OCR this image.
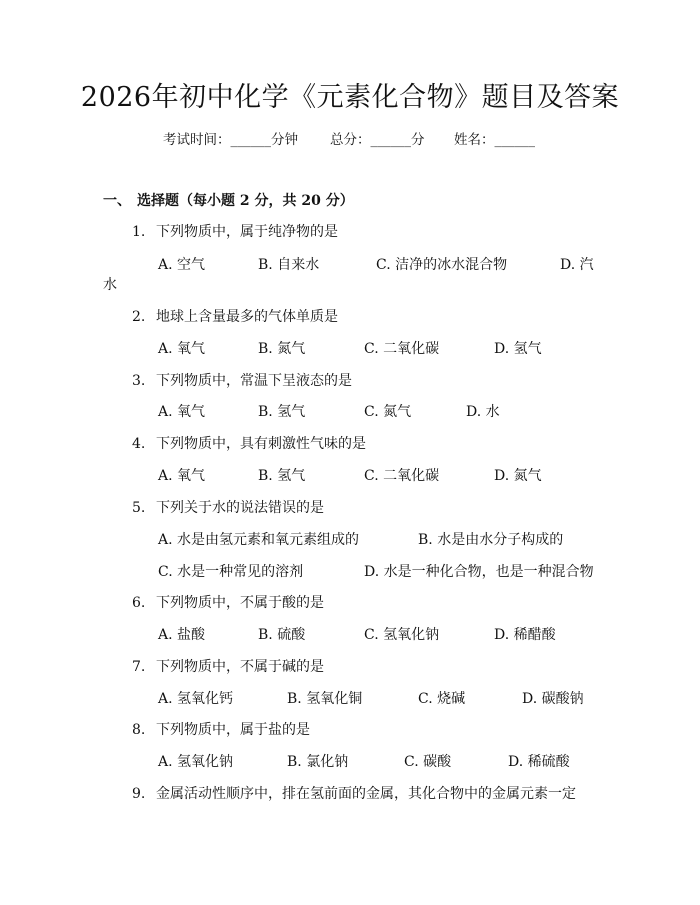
2026年初中化学《元素化合物》题目及答案
考试时间：______分钟 总分：______分 姓名：______
一、 选择题（每小题 2 分，共 20 分）
1. 下列物质中，属于纯净物的是
A. 空气	B. 自来水	C. 洁净的冰水混合物	D. 汽
水
2. 地球上含量最多的气体单质是
A. 氧气	B. 氮气	C. 二氧化碳	D. 氢气
3. 下列物质中，常温下呈液态的是
A. 氧气	B. 氢气	C. 氮气	D. 水
4. 下列物质中，具有刺激性气味的是
A. 氧气	B. 氢气	C. 二氧化碳	D. 氮气
5. 下列关于水的说法错误的是
A. 水是由氢元素和氧元素组成的	B. 水是由水分子构成的
C. 水是一种常见的溶剂	D. 水是一种化合物，也是一种混合物
6. 下列物质中，不属于酸的是
A. 盐酸	B. 硫酸	C. 氢氧化钠	D. 稀醋酸
7. 下列物质中，不属于碱的是
A. 氢氧化钙	B. 氢氧化铜	C. 烧碱	D. 碳酸钠
8. 下列物质中，属于盐的是
A. 氢氧化钠	B. 氯化钠	C. 碳酸	D. 稀硫酸
9. 金属活动性顺序中，排在氢前面的金属，其化合物中的金属元素一定
